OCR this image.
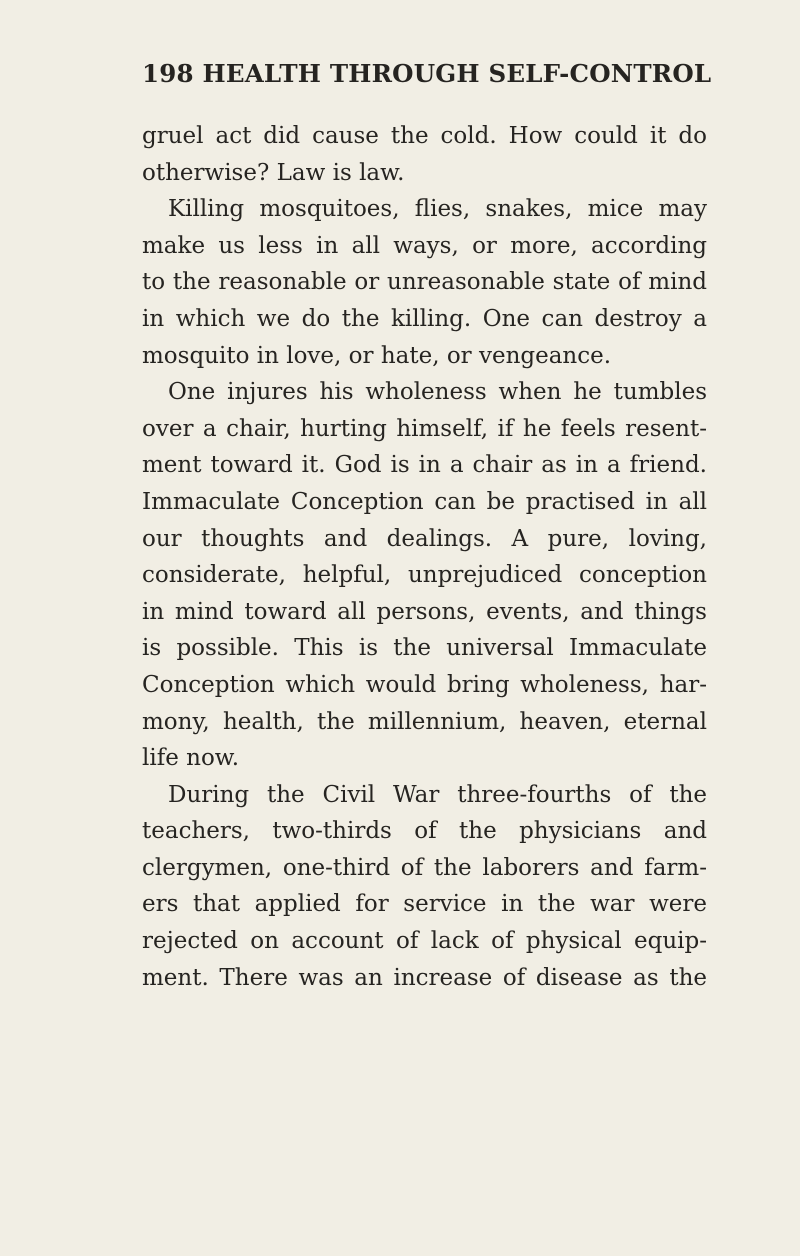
198 HEALTH THROUGH SELF-CONTROL
gruel act did cause the cold. How could it do
otherwise? Law is law.
Killing mosquitoes, flies, snakes, mice may
make us less in all ways, or more, according
to the reasonable or unreasonable state of mind
in which we do the killing. One can destroy a
mosquito in love, or hate, or vengeance.
One injures his wholeness when he tumbles
over a chair, hurting himself, if he feels resent-
ment toward it. God is in a chair as in a friend.
Immaculate Conception can be practised in all
our thoughts and dealings. A pure, loving,
considerate, helpful, unprejudiced conception
in mind toward all persons, events, and things
is possible. This is the universal Immaculate
Conception which would bring wholeness, har-
mony, health, the millennium, heaven, eternal
life now.
During the Civil War three-fourths of the
teachers, two-thirds of the physicians and
clergymen, one-third of the laborers and farm-
ers that applied for service in the war were
rejected on account of lack of physical equip-
ment. There was an increase of disease as the
